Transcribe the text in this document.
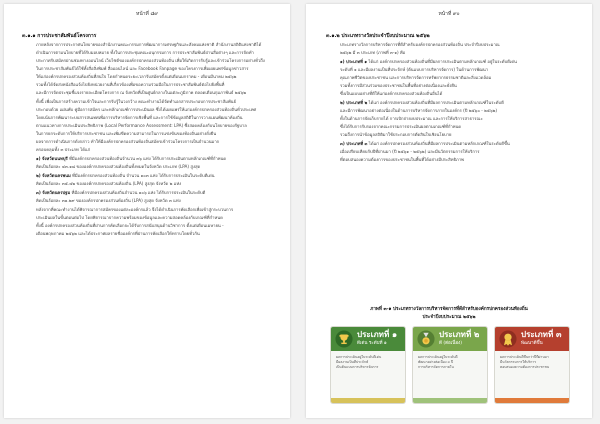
หน้าที่ ๘๙
๓.๑.๑ การประชาสัมพันธ์โครงการ
ภายหลังจากการประกาศนโยบายของสำนักงานคณะกรรมการพัฒนาการเศรษฐกิจและสังคมแห่งชาติ สำนักงานสถิติแห่งชาติได้
ดำเนินการตามนโยบายที่ได้รับมอบหมาย ทั้งในการประชุมคณะอนุกรรมการ การประชาสัมพันธ์ผ่านสื่อต่างๆ และการจัดทำ
ประกาศรับสมัครผ่านช่องทางออนไลน์ เว็บไซต์ขององค์กรปกครองส่วนท้องถิ่น เพื่อให้เกิดการรับรู้และเข้าร่วมโครงการอย่างทั่วถึง
ในการประชาสัมพันธ์ได้ใช้ทั้งสื่อสิ่งพิมพ์ สื่อออนไลน์ และ Facebook Fanpage ของโครงการเพื่อเผยแพร่ข้อมูลข่าวสาร
ให้แก่องค์กรปกครองส่วนท้องถิ่นที่สนใจ โดยกำหนดระยะเวลารับสมัครตั้งแต่เดือนมกราคม - เดือนมีนาคม ๒๕๖๒
รวมทั้งได้จัดส่งหนังสือแจ้งไปยังหน่วยงานที่เกี่ยวข้องเพื่อขอความร่วมมือในการประชาสัมพันธ์ต่อไปยังพื้นที่
และมีการจัดประชุมชี้แจงรายละเอียดโครงการ ณ จังหวัดที่เป็นศูนย์กลางในแต่ละภูมิภาค ตลอดเดือนกุมภาพันธ์ ๒๕๖๒
ทั้งนี้ เพื่อเป็นการสร้างความเข้าใจและการรับรู้ในวงกว้าง คณะทำงานได้จัดทำเอกสารประกอบการประชาสัมพันธ์
ประกอบด้วย แผ่นพับ คู่มือการสมัคร และหลักเกณฑ์การประเมินผล ซึ่งได้เผยแพร่ให้แก่องค์กรปกครองส่วนท้องถิ่นทั่วประเทศ
โดยเน้นการพัฒนาระบบสารสนเทศเพื่อการบริหารจัดการเชิงพื้นที่ และการใช้ข้อมูลสถิติในการวางแผนพัฒนาท้องถิ่น
ตามแนวทางการประเมินประสิทธิภาพ (Local Performance Assessment: LPA) ซึ่งสอดคล้องกับนโยบายของรัฐบาล
ในการยกระดับการให้บริการประชาชน และเพิ่มขีดความสามารถในการแข่งขันของท้องถิ่นอย่างยั่งยืน
ผลจากการดำเนินการดังกล่าว ทำให้มีองค์กรปกครองส่วนท้องถิ่นสมัครเข้าร่วมโครงการเป็นจำนวนมาก
ครอบคลุมทั้ง ๓ ประเภท ได้แก่
๑) จังหวัดนนทบุรี ที่มีองค์กรปกครองส่วนท้องถิ่นจำนวน ๓๖ แห่ง ได้รับการประเมินตามหลักเกณฑ์ที่กำหนด
คิดเป็นร้อยละ ๔๓.๑๘ ขององค์กรปกครองส่วนท้องถิ่นทั้งหมดในจังหวัด ประเภท (LPA) สูงสุด
๒) จังหวัดนครพนม ที่มีองค์กรปกครองส่วนท้องถิ่น จำนวน ๑๐๓ แห่ง ได้รับการประเมินในระดับดีเด่น
คิดเป็นร้อยละ ๓๕.๔๒ ขององค์กรปกครองส่วนท้องถิ่น (LPA) สูงสุด จังหวัด ๒ แห่ง
๓) จังหวัดนครปฐม ที่มีองค์กรปกครองส่วนท้องถิ่นจำนวน ๑๐๖ แห่ง ได้รับการประเมินในระดับดี
คิดเป็นร้อยละ ๓๑.๒๙ ขององค์กรปกครองส่วนท้องถิ่น (LPA) สูงสุด จังหวัด ๓ แห่ง
หลังจากที่คณะทำงานได้พิจารณาการสมัครของแต่ละองค์กรแล้ว จึงได้ดำเนินการคัดเลือกเพื่อเข้าสู่กระบวนการ
ประเมินผลในขั้นตอนต่อไป โดยพิจารณาจากความพร้อมของข้อมูลและความสอดคล้องกับเกณฑ์ที่กำหนด
ทั้งนี้ องค์กรปกครองส่วนท้องถิ่นที่ผ่านการคัดเลือกจะได้รับการสนับสนุนด้านวิชาการ ตั้งแต่เดือนเมษายน -
เดือนพฤษภาคม ๒๕๖๒ และได้ประกาศผลรายชื่อองค์กรที่ผ่านการคัดเลือกให้ทราบโดยทั่วกัน
หน้าที่ ๙๐
๓.๑.๒ ประเภทรางวัลประจำปีงบประมาณ ๒๕๖๒
ประเภทรางวัลการบริหารจัดการที่ดีสำหรับองค์กรปกครองส่วนท้องถิ่น ประจำปีงบประมาณ
๒๕๖๒ มี ๓ ประเภท (ภาพที่ ๓-๑) คือ
๑) ประเภทที่ ๑ ได้แก่ องค์กรปกครองส่วนท้องถิ่นที่มีผลการประเมินตามหลักเกณฑ์ อยู่ในระดับดีเด่น
ระดับที่ ๑ และมีผลงานเป็นที่ประจักษ์ (ต้นแบบการบริหารจัดการ) ในด้านการพัฒนา
คุณภาพชีวิตของประชาชน และการบริหารจัดการทรัพยากรธรรมชาติและสิ่งแวดล้อม
รวมทั้งการมีส่วนร่วมของประชาชนในพื้นที่อย่างต่อเนื่องและยั่งยืน
ซึ่งเป็นแบบอย่างที่ดีให้แก่องค์กรปกครองส่วนท้องถิ่นอื่นได้
๒) ประเภทที่ ๒ ได้แก่ องค์กรปกครองส่วนท้องถิ่นที่มีผลการประเมินตามหลักเกณฑ์ในระดับดี
และมีการพัฒนาอย่างต่อเนื่องในด้านการบริหารจัดการภายในองค์กร (ปี ๒๕๖๐ - ๒๕๖๒)
ทั้งในด้านการจัดเก็บรายได้ การเบิกจ่ายงบประมาณ และการให้บริการสาธารณะ
ซึ่งได้รับการรับรองจากคณะกรรมการประเมินผลตามเกณฑ์ที่กำหนด
รวมถึงการนำข้อมูลสถิติมาใช้ประกอบการตัดสินใจเชิงนโยบาย
๓) ประเภทที่ ๓ ได้แก่ องค์กรปกครองส่วนท้องถิ่นที่มีผลการประเมินตามหลักเกณฑ์ในระดับดีขึ้น
เมื่อเปรียบเทียบกับปีที่ผ่านมา (ปี ๒๕๖๑ - ๒๕๖๒) และมีนวัตกรรมการให้บริการ
ที่ตอบสนองความต้องการของประชาชนในพื้นที่ได้อย่างมีประสิทธิภาพ
ภาพที่ ๓-๑ ประเภทรางวัลการบริหารจัดการที่ดีสำหรับองค์กรปกครองส่วนท้องถิ่น
ประจำปีงบประมาณ ๒๕๖๒
ประเภทที่ ๑
ดีเด่น ระดับที่ ๑
ผลการประเมินอยู่ในระดับดีเด่น
มีผลงานเป็นที่ประจักษ์
เป็นต้นแบบการบริหารจัดการ
ประเภทที่ ๒
ดี (ต่อเนื่อง)
ผลการประเมินอยู่ในระดับดี
พัฒนาอย่างต่อเนื่อง ๓ ปี
การบริหารจัดการภายใน
ประเภทที่ ๓
พัฒนาดีขึ้น
ผลการประเมินดีขึ้นกว่าปีที่ผ่านมา
มีนวัตกรรมการให้บริการ
ตอบสนองความต้องการประชาชน
